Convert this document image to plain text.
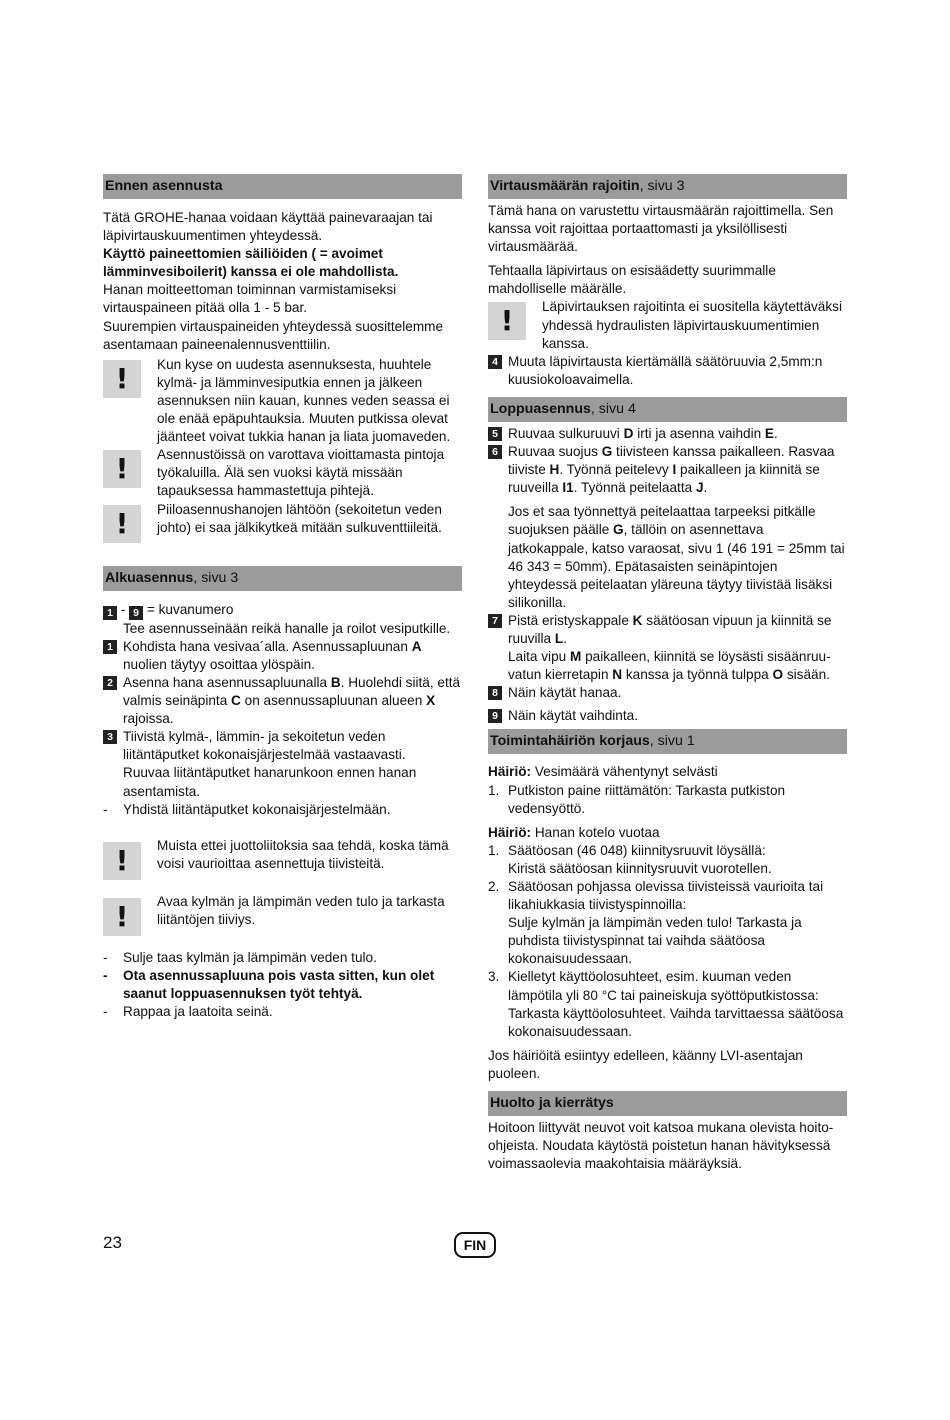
Ennen asennusta

Tätä GROHE-hanaa voidaan käyttää painevaraajan tai läpivirtauskuumentimen yhteydessä.

Käyttö paineettomien säiliöiden ( = avoimet lämminvesiboilerit) kanssa ei ole mahdollista.

Hanan moitteettoman toiminnan varmistamiseksi virtauspaineen pitää olla 1 - 5 bar.

Suurempien virtauspaineiden yhteydessä suosittelemme asentamaan paineenalennusventtiilin.

!	Kun kyse on uudesta asennuksesta, huuhtele kylmä- ja lämminvesiputkia ennen ja jälkeen asennuksen niin kauan, kunnes veden seassa ei ole enää epäpuhtauksia. Muuten putkissa olevat jäänteet voivat tukkia hanan ja liata juomaveden.

!	Asennustöissä on varottava vioittamasta pintoja työkaluilla. Älä sen vuoksi käytä missään tapauksessa hammastettuja pihtejä.

!	Piiloasennushanojen lähtöön (sekoitetun veden johto) ei saa jälkikytkeä mitään sulkuventtiileitä.

Alkuasennus, sivu 3

1 - 9 = kuvanumero

Tee asennusseinään reikä hanalle ja roilot vesiputkille.

1 Kohdista hana vesivaa´alla. Asennussapluunan A nuolien täytyy osoittaa ylöspäin.

2 Asenna hana asennussapluunalla B. Huolehdi siitä, että valmis seinäpinta C on asennussapluunan alueen X rajoissa.

3 Tiivistä kylmä-, lämmin- ja sekoitetun veden liitäntäputket kokonaisjärjestelmää vastaavasti.

Ruuvaa liitäntäputket hanarunkoon ennen hanan asentamista.

- Yhdistä liitäntäputket kokonaisjärjestelmään.

!	Muista ettei juottoliitoksia saa tehdä, koska tämä voisi vaurioittaa asennettuja tiivisteitä.

!	Avaa kylmän ja lämpimän veden tulo ja tarkasta liitäntöjen tiiviys.

- Sulje taas kylmän ja lämpimän veden tulo.

- Ota asennussapluuna pois vasta sitten, kun olet saanut loppuasennuksen työt tehtyä.

- Rappaa ja laatoita seinä.

Virtausmäärän rajoitin, sivu 3

Tämä hana on varustettu virtausmäärän rajoittimella. Sen kanssa voit rajoittaa portaattomasti ja yksilöllisesti virtausmäärää.

Tehtaalla läpivirtaus on esisäädetty suurimmalle mahdolliselle määrälle.

!	Läpivirtauksen rajoitinta ei suositella käytettäväksi yhdessä hydraulisten läpivirtauskuumentimien kanssa.

4 Muuta läpivirtausta kiertämällä säätöruuvia 2,5mm:n kuusiokoloavaimella.

Loppuasennus, sivu 4
5 Ruuvaa sulkuruuvi D irti ja asenna vaihdin E.

6 Ruuvaa suojus G tiivisteen kanssa paikalleen. Rasvaa tiiviste H. Työnnä peitelevy I paikalleen ja kiinnitä se ruuveilla I1. Työnnä peitelaatta J.

Jos et saa työnnettyä peitelaattaa tarpeeksi pitkälle suojuksen päälle G, tällöin on asennettava jatkokappale, katso varaosat, sivu 1 (46 191 = 25mm tai 46 343 = 50mm). Epätasaisten seinäpintojen yhteydessä peitelaatan yläreuna täytyy tiivistää lisäksi silikonilla.

7 Pistä eristyskappale K säätöosan vipuun ja kiinnitä se ruuvilla L.

Laita vipu M paikalleen, kiinnitä se löysästi sisäänruu-vatun kierretapin N kanssa ja työnnä tulppa O sisään.

8 Näin käytät hanaa.

9 Näin käytät vaihdinta.

Toimintahäiriön korjaus, sivu 1

Häiriö: Vesimäärä vähentynyt selvästi

1. Putkiston paine riittämätön: Tarkasta putkiston vedensyöttö.

Häiriö: Hanan kotelo vuotaa

1. Säätöosan (46 048) kiinnitysruuvit löysällä:

Kiristä säätöosan kiinnitysruuvit vuorotellen.

2. Säätöosan pohjassa olevissa tiivisteissä vaurioita tai likahiukkasia tiivistyspinnoilla:

Sulje kylmän ja lämpimän veden tulo! Tarkasta ja puhdista tiivistyspinnat tai vaihda säätöosa kokonaisuudessaan.

3. Kielletyt käyttöolosuhteet, esim. kuuman veden lämpötila yli 80 °C tai paineiskuja syöttöputkistossa:

Tarkasta käyttöolosuhteet. Vaihda tarvittaessa säätöosa kokonaisuudessaan.

Jos häiriöitä esiintyy edelleen, käänny LVI-asentajan puoleen.

Huolto ja kierrätys

Hoitoon liittyvät neuvot voit katsoa mukana olevista hoito-ohjeista. Noudata käytöstä poistetun hanan hävityksessä voimassaolevia maakohtaisia määräyksiä.

23	FIN
